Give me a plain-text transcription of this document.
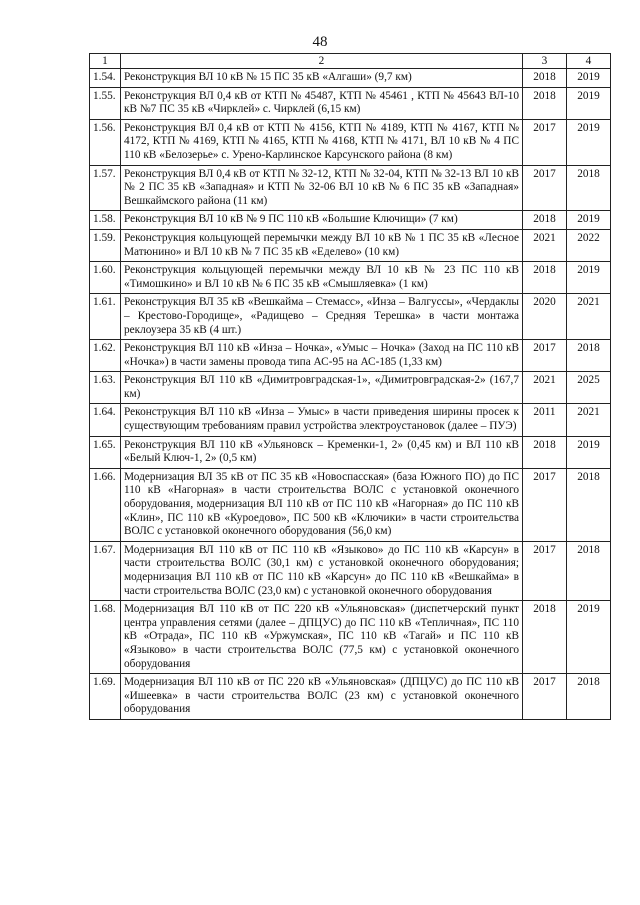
48
1	2	3	4
1.54.	Реконструкция ВЛ 10 кВ № 15 ПС 35 кВ «Алгаши» (9,7 км)	2018	2019
1.55.	Реконструкция ВЛ 0,4 кВ от КТП № 45487, КТП № 45461 , КТП № 45643 ВЛ-10 кВ №7 ПС 35 кВ «Чирклей» с. Чирклей (6,15 км)	2018	2019
1.56.	Реконструкция ВЛ 0,4 кВ от КТП № 4156, КТП № 4189, КТП № 4167, КТП № 4172, КТП № 4169, КТП № 4165, КТП № 4168, КТП № 4171, ВЛ 10 кВ № 4 ПС 110 кВ «Белозерье» с. Урено-Карлинское Карсунского района (8 км)	2017	2019
1.57.	Реконструкция ВЛ 0,4 кВ от КТП № 32-12, КТП № 32-04, КТП № 32-13 ВЛ 10 кВ № 2 ПС 35 кВ «Западная» и КТП № 32-06 ВЛ 10 кВ № 6 ПС 35 кВ «Западная» Вешкаймского района (11 км)	2017	2018
1.58.	Реконструкция ВЛ 10 кВ № 9 ПС 110 кВ «Большие Ключищи» (7 км)	2018	2019
1.59.	Реконструкция кольцующей перемычки между ВЛ 10 кВ № 1 ПС 35 кВ «Лесное Матюнино» и ВЛ 10 кВ № 7 ПС 35 кВ «Еделево» (10 км)	2021	2022
1.60.	Реконструкция кольцующей перемычки между ВЛ 10 кВ № 23 ПС 110 кВ «Тимошкино» и ВЛ 10 кВ № 6 ПС 35 кВ «Смышляевка» (1 км)	2018	2019
1.61.	Реконструкция ВЛ 35 кВ «Вешкайма – Стемасс», «Инза – Валгуссы», «Чердаклы – Крестово-Городище», «Радищево – Средняя Терешка» в части монтажа реклоузера 35 кВ (4 шт.)	2020	2021
1.62.	Реконструкция ВЛ 110 кВ «Инза – Ночка», «Умыс – Ночка» (Заход на ПС 110 кВ «Ночка») в части замены провода типа АС-95 на АС-185 (1,33 км)	2017	2018
1.63.	Реконструкция ВЛ 110 кВ «Димитровградская-1», «Димитровградская-2» (167,7 км)	2021	2025
1.64.	Реконструкция ВЛ 110 кВ «Инза – Умыс» в части приведения ширины просек к существующим требованиям правил устройства электроустановок (далее – ПУЭ)	2011	2021
1.65.	Реконструкция ВЛ 110 кВ «Ульяновск – Кременки-1, 2» (0,45 км) и ВЛ 110 кВ «Белый Ключ-1, 2» (0,5 км)	2018	2019
1.66.	Модернизация ВЛ 35 кВ от ПС 35 кВ «Новоспасская» (база Южного ПО) до ПС 110 кВ «Нагорная» в части строительства ВОЛС с установкой оконечного оборудования, модернизация ВЛ 110 кВ от ПС 110 кВ «Нагорная» до ПС 110 кВ «Клин», ПС 110 кВ «Куроедово», ПС 500 кВ «Ключики» в части строительства ВОЛС с установкой оконечного оборудования (56,0 км)	2017	2018
1.67.	Модернизация ВЛ 110 кВ от ПС 110 кВ «Языково» до ПС 110 кВ «Карсун» в части строительства ВОЛС (30,1 км) с установкой оконечного оборудования; модернизация ВЛ 110 кВ от ПС 110 кВ «Карсун» до ПС 110 кВ «Вешкайма» в части строительства ВОЛС (23,0 км) с установкой оконечного оборудования	2017	2018
1.68.	Модернизация ВЛ 110 кВ от ПС 220 кВ «Ульяновская» (диспетчерский пункт центра управления сетями (далее – ДПЦУС) до ПС 110 кВ «Тепличная», ПС 110 кВ «Отрада», ПС 110 кВ «Уржумская», ПС 110 кВ «Тагай» и ПС 110 кВ «Языково» в части строительства ВОЛС (77,5 км) с установкой оконечного оборудования	2018	2019
1.69.	Модернизация ВЛ 110 кВ от ПС 220 кВ «Ульяновская» (ДПЦУС) до ПС 110 кВ «Ишеевка» в части строительства ВОЛС (23 км) с установкой оконечного оборудования	2017	2018
